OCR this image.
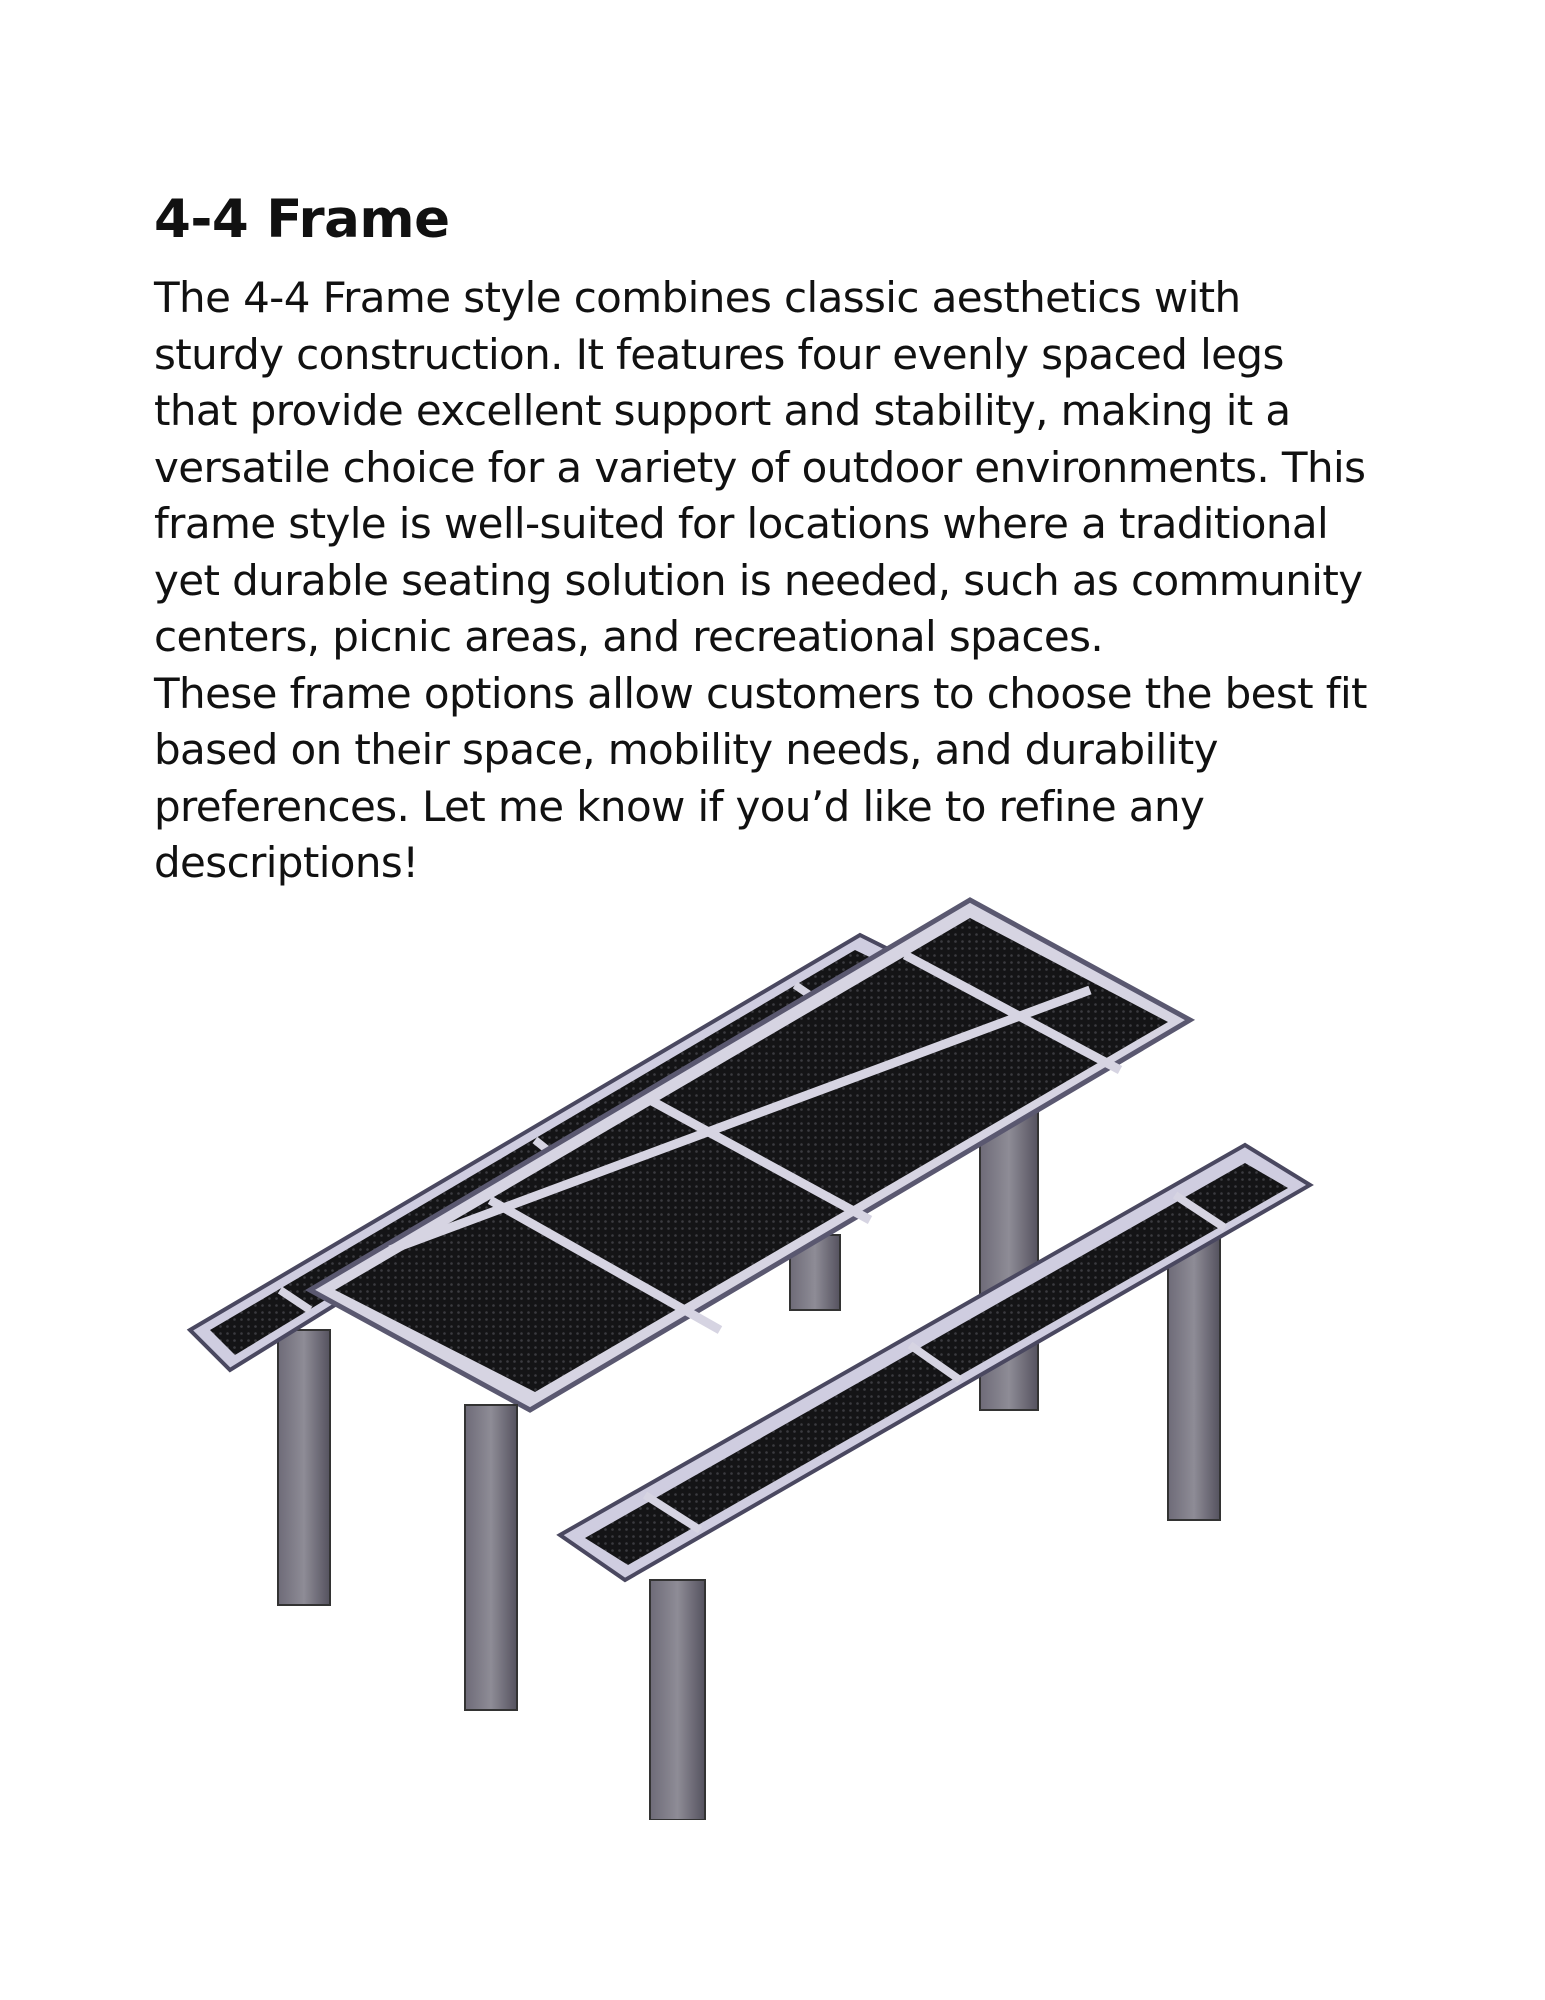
4-4 Frame

The 4-4 Frame style combines classic aesthetics with
sturdy construction. It features four evenly spaced legs
that provide excellent support and stability, making it a
versatile choice for a variety of outdoor environments. This
frame style is well-suited for locations where a traditional
yet durable seating solution is needed, such as community
centers, picnic areas, and recreational spaces.

These frame options allow customers to choose the best fit
based on their space, mobility needs, and durability
preferences. Let me know if you’d like to refine any
descriptions!
